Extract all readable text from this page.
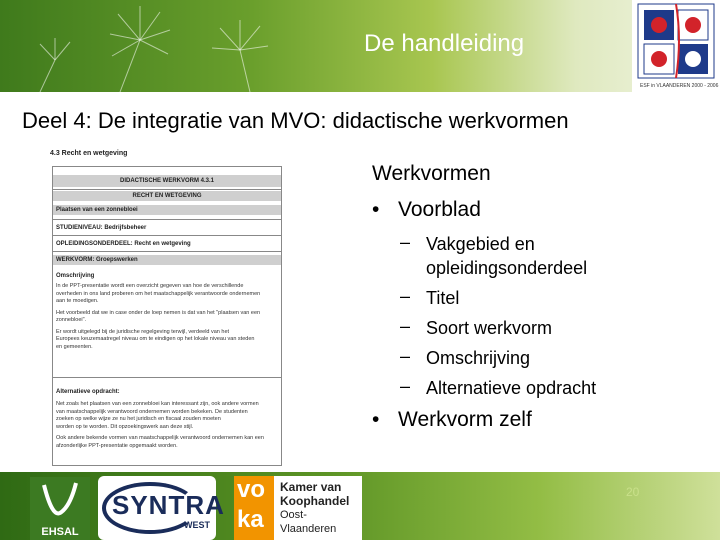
De handleiding
ESF in VLAANDEREN 2000 - 2006
Deel 4: De integratie van MVO: didactische werkvormen
4.3 Recht en wetgeving
DIDACTISCHE WERKVORM 4.3.1
RECHT EN WETGEVING
Plaatsen van een zonnebloei
STUDIENIVEAU: Bedrijfsbeheer
OPLEIDINGSONDERDEEL: Recht en wetgeving
WERKVORM: Groepswerken
Omschrijving
In de PPT-presentatie wordt een overzicht gegeven van hoe de verschillende
overheden in ons land proberen om het maatschappelijk verantwoorde ondernemen
aan te moedigen.
Het voorbeeld dat we in case onder de loep nemen is dat van het "plaatsen van een
zonnebloei".
Er wordt uitgelegd bij de juridische regelgeving terwijl, verdeeld van het
Europees keuzemaatregel niveau om te eindigen op het lokale niveau van steden
en gemeenten.
Alternatieve opdracht:
Net zoals het plaatsen van een zonnebloei kan interessant zijn, ook andere vormen
van maatschappelijk verantwoord ondernemen worden bekeken. De studenten
zoeken op welke wijze ze nu het juridisch en fiscaal zouden moeten
worden op te worden. Dit opzoekingswerk aan deze stijl.
Ook andere bekende vormen van maatschappelijk verantwoord ondernemen kan een
afzonderlijke PPT-presentatie opgemaakt worden.
Werkvormen
• Voorblad
– Vakgebied en
opleidingsonderdeel
– Titel
– Soort werkvorm
– Omschrijving
– Alternatieve opdracht
• Werkvorm zelf
EHSAL
SYNTRA
WEST
vo
ka
Kamer van
Koophandel
Oost-Vlaanderen
20
